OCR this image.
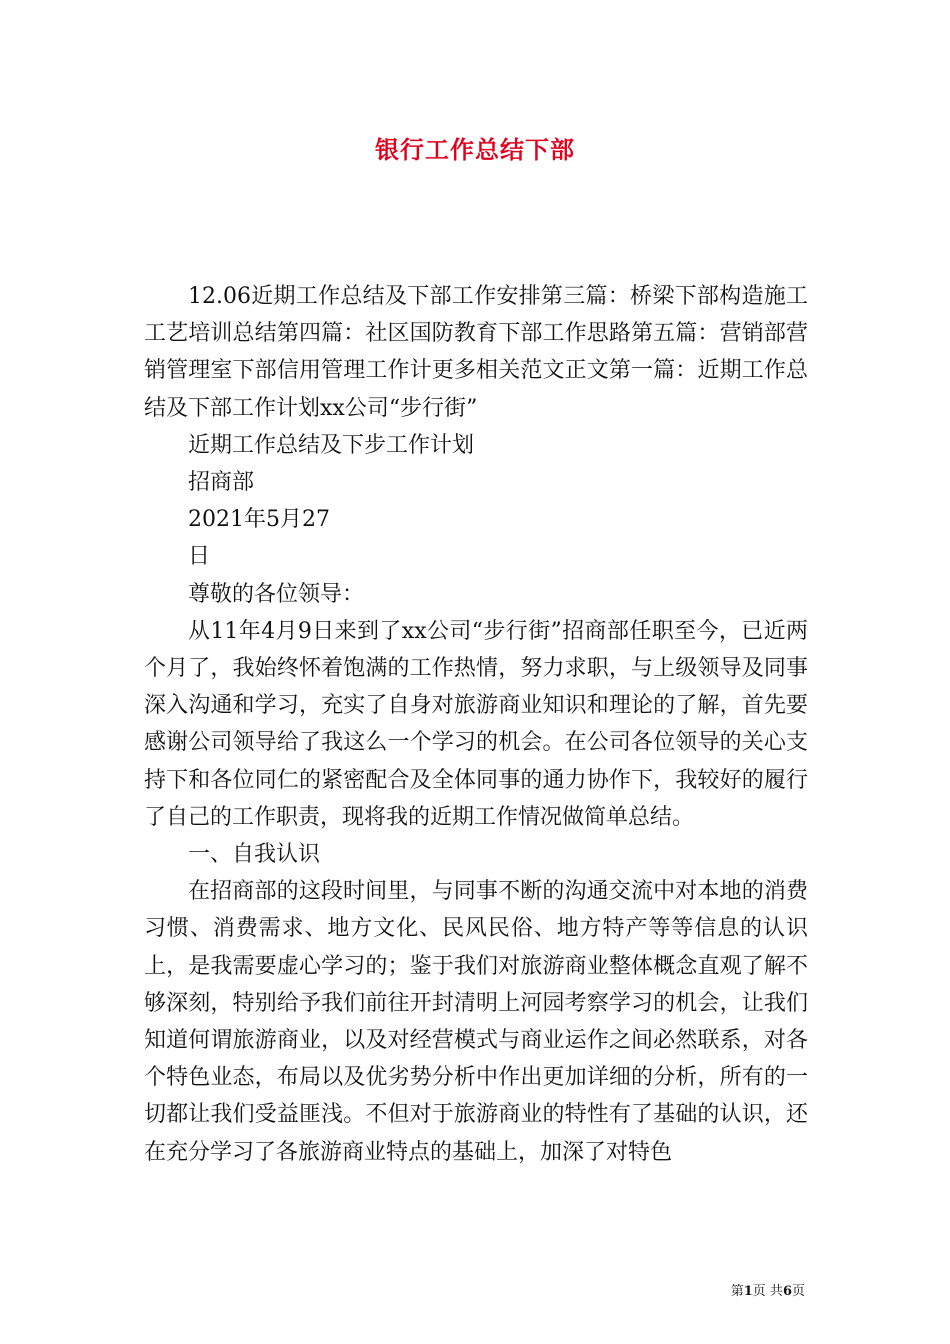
银行工作总结下部

12.06近期工作总结及下部工作安排第三篇：桥梁下部构造施工工艺培训总结第四篇：社区国防教育下部工作思路第五篇：营销部营销管理室下部信用管理工作计更多相关范文正文第一篇：近期工作总结及下部工作计划xx公司“步行街”

近期工作总结及下步工作计划

招商部

2021年5月27

日

尊敬的各位领导：

从11年4月9日来到了xx公司“步行街”招商部任职至今，已近两个月了，我始终怀着饱满的工作热情，努力求职，与上级领导及同事深入沟通和学习，充实了自身对旅游商业知识和理论的了解，首先要感谢公司领导给了我这么一个学习的机会。在公司各位领导的关心支持下和各位同仁的紧密配合及全体同事的通力协作下，我较好的履行了自己的工作职责，现将我的近期工作情况做简单总结。

一、自我认识

在招商部的这段时间里，与同事不断的沟通交流中对本地的消费习惯、消费需求、地方文化、民风民俗、地方特产等等信息的认识上，是我需要虚心学习的；鉴于我们对旅游商业整体概念直观了解不够深刻，特别给予我们前往开封清明上河园考察学习的机会，让我们知道何谓旅游商业，以及对经营模式与商业运作之间必然联系，对各个特色业态，布局以及优劣势分析中作出更加详细的分析，所有的一切都让我们受益匪浅。不但对于旅游商业的特性有了基础的认识，还在充分学习了各旅游商业特点的基础上，加深了对特色

第1页 共6页
